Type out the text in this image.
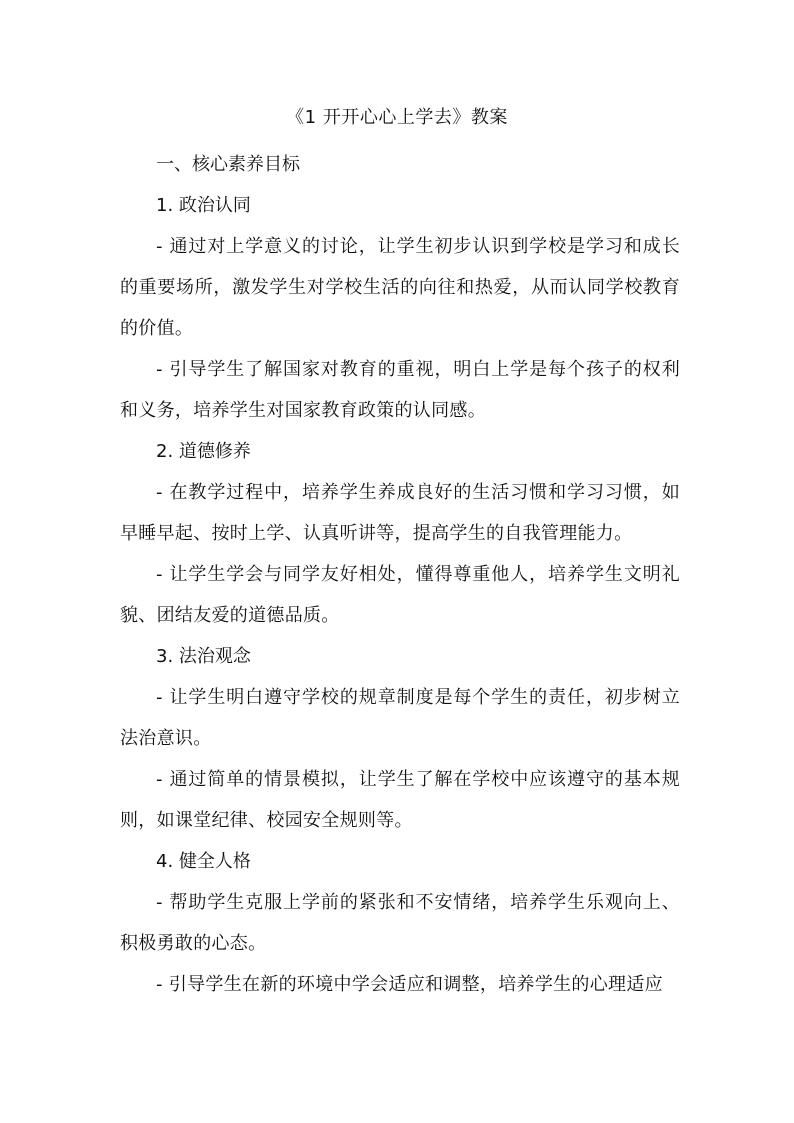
《1 开开心心上学去》教案

一、核心素养目标

1. 政治认同

- 通过对上学意义的讨论，让学生初步认识到学校是学习和成长的重要场所，激发学生对学校生活的向往和热爱，从而认同学校教育的价值。

- 引导学生了解国家对教育的重视，明白上学是每个孩子的权利和义务，培养学生对国家教育政策的认同感。

2. 道德修养

- 在教学过程中，培养学生养成良好的生活习惯和学习习惯，如早睡早起、按时上学、认真听讲等，提高学生的自我管理能力。

- 让学生学会与同学友好相处，懂得尊重他人，培养学生文明礼貌、团结友爱的道德品质。

3. 法治观念

- 让学生明白遵守学校的规章制度是每个学生的责任，初步树立法治意识。

- 通过简单的情景模拟，让学生了解在学校中应该遵守的基本规则，如课堂纪律、校园安全规则等。

4. 健全人格

- 帮助学生克服上学前的紧张和不安情绪，培养学生乐观向上、积极勇敢的心态。

- 引导学生在新的环境中学会适应和调整，培养学生的心理适应
